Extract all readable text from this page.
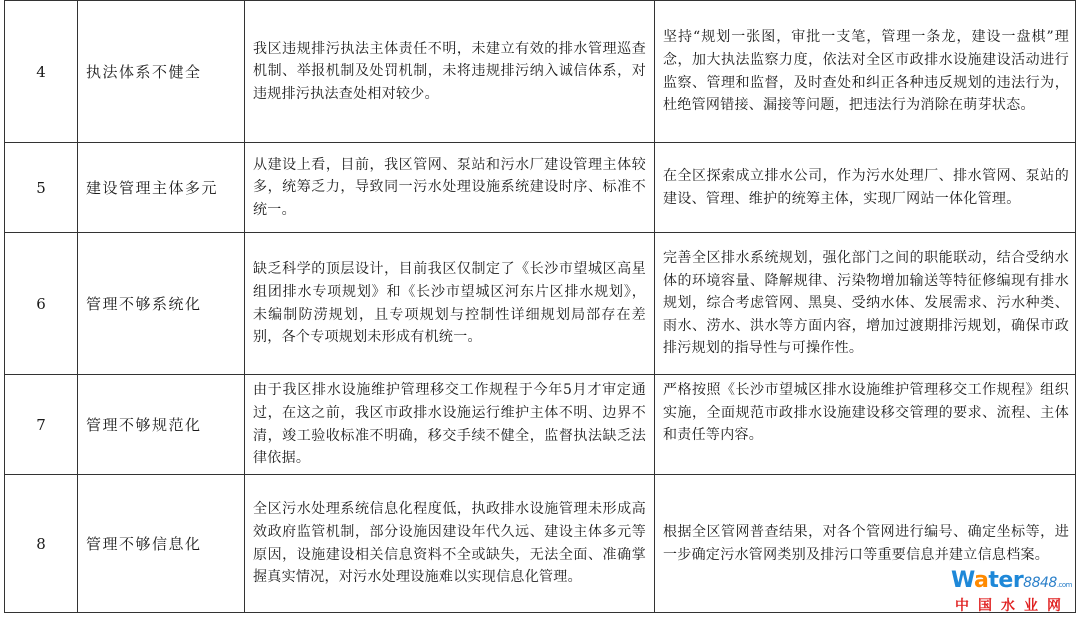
4	执法体系不健全	我区违规排污执法主体责任不明，未建立有效的排水管理巡查机制、举报机制及处罚机制，未将违规排污纳入诚信体系，对违规排污执法查处相对较少。	坚持“规划一张图，审批一支笔，管理一条龙，建设一盘棋”理念，加大执法监察力度，依法对全区市政排水设施建设活动进行监察、管理和监督，及时查处和纠正各种违反规划的违法行为，杜绝管网错接、漏接等问题，把违法行为消除在萌芽状态。
5	建设管理主体多元	从建设上看，目前，我区管网、泵站和污水厂建设管理主体较多，统筹乏力，导致同一污水处理设施系统建设时序、标准不统一。	在全区探索成立排水公司，作为污水处理厂、排水管网、泵站的建设、管理、维护的统筹主体，实现厂网站一体化管理。
6	管理不够系统化	缺乏科学的顶层设计，目前我区仅制定了《长沙市望城区高星组团排水专项规划》和《长沙市望城区河东片区排水规划》，未编制防涝规划，且专项规划与控制性详细规划局部存在差别，各个专项规划未形成有机统一。	完善全区排水系统规划，强化部门之间的职能联动，结合受纳水体的环境容量、降解规律、污染物增加输送等特征修编现有排水规划，综合考虑管网、黑臭、受纳水体、发展需求、污水种类、雨水、涝水、洪水等方面内容，增加过渡期排污规划，确保市政排污规划的指导性与可操作性。
7	管理不够规范化	由于我区排水设施维护管理移交工作规程于今年5月才审定通过，在这之前，我区市政排水设施运行维护主体不明、边界不清，竣工验收标准不明确，移交手续不健全，监督执法缺乏法律依据。	严格按照《长沙市望城区排水设施维护管理移交工作规程》组织实施，全面规范市政排水设施建设移交管理的要求、流程、主体和责任等内容。
8	管理不够信息化	全区污水处理系统信息化程度低，执政排水设施管理未形成高效政府监管机制，部分设施因建设年代久远、建设主体多元等原因，设施建设相关信息资料不全或缺失，无法全面、准确掌握真实情况，对污水处理设施难以实现信息化管理。	根据全区管网普查结果，对各个管网进行编号、确定坐标等，进一步确定污水管网类别及排污口等重要信息并建立信息档案。
Water8848.com
中国水业网
